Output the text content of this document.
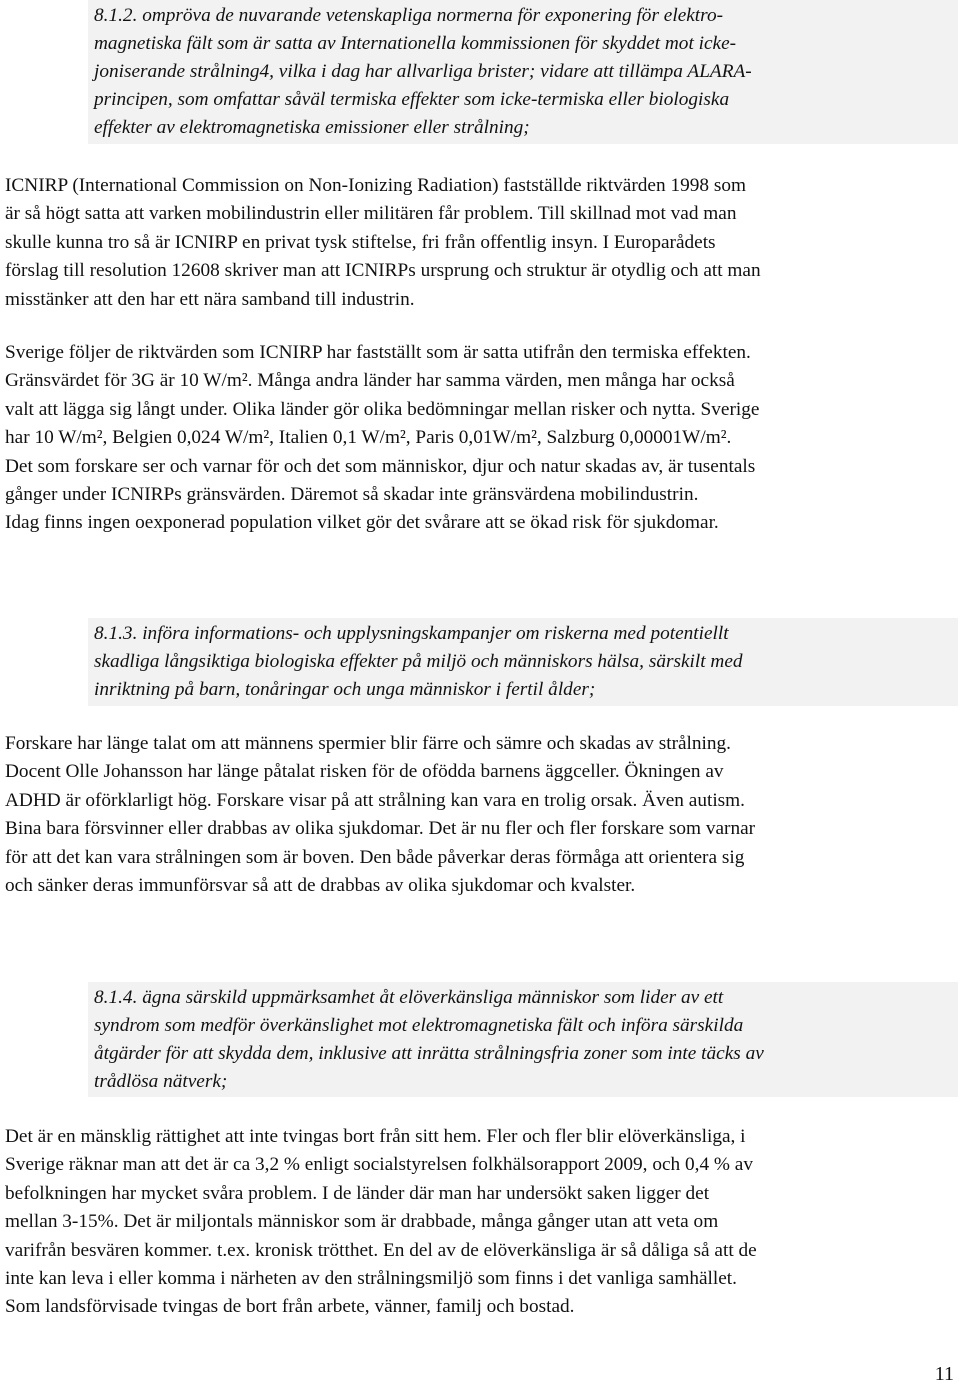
8.1.2. ompröva de nuvarande vetenskapliga normerna för exponering för elektro-
magnetiska fält som är satta av Internationella kommissionen för skyddet mot icke-
joniserande strålning4, vilka i dag har allvarliga brister; vidare att tillämpa ALARA-
principen, som omfattar såväl termiska effekter som icke-termiska eller biologiska
effekter av elektromagnetiska emissioner eller strålning;
ICNIRP (International Commission on Non-Ionizing Radiation) fastställde riktvärden 1998 som
är så högt satta att varken mobilindustrin eller militären får problem. Till skillnad mot vad man
skulle kunna tro så är ICNIRP en privat tysk stiftelse, fri från offentlig insyn. I Europarådets
förslag till resolution 12608 skriver man att ICNIRPs ursprung och struktur är otydlig och att man
misstänker att den har ett nära samband till industrin.
Sverige följer de riktvärden som ICNIRP har fastställt som är satta utifrån den termiska effekten.
Gränsvärdet för 3G är 10 W/m². Många andra länder har samma värden, men många har också
valt att lägga sig långt under. Olika länder gör olika bedömningar mellan risker och nytta. Sverige
har 10 W/m², Belgien 0,024 W/m², Italien 0,1 W/m², Paris 0,01W/m², Salzburg 0,00001W/m².
Det som forskare ser och varnar för och det som människor, djur och natur skadas av, är tusentals
gånger under ICNIRPs gränsvärden. Däremot så skadar inte gränsvärdena mobilindustrin.
Idag finns ingen oexponerad population vilket gör det svårare att se ökad risk för sjukdomar.
8.1.3. införa informations- och upplysningskampanjer om riskerna med potentiellt
skadliga långsiktiga biologiska effekter på miljö och människors hälsa, särskilt med
inriktning på barn, tonåringar och unga människor i fertil ålder;
Forskare har länge talat om att männens spermier blir färre och sämre och skadas av strålning.
Docent Olle Johansson har länge påtalat risken för de ofödda barnens äggceller. Ökningen av
ADHD är oförklarligt hög. Forskare visar på att strålning kan vara en trolig orsak. Även autism.
Bina bara försvinner eller drabbas av olika sjukdomar. Det är nu fler och fler forskare som varnar
för att det kan vara strålningen som är boven. Den både påverkar deras förmåga att orientera sig
och sänker deras immunförsvar så att de drabbas av olika sjukdomar och kvalster.
8.1.4. ägna särskild uppmärksamhet åt elöverkänsliga människor som lider av ett
syndrom som medför överkänslighet mot elektromagnetiska fält och införa särskilda
åtgärder för att skydda dem, inklusive att inrätta strålningsfria zoner som inte täcks av
trådlösa nätverk;
Det är en mänsklig rättighet att inte tvingas bort från sitt hem. Fler och fler blir elöverkänsliga, i
Sverige räknar man att det är ca 3,2 % enligt socialstyrelsen folkhälsorapport 2009, och 0,4 % av
befolkningen har mycket svåra problem. I de länder där man har undersökt saken ligger det
mellan 3-15%. Det är miljontals människor som är drabbade, många gånger utan att veta om
varifrån besvären kommer. t.ex. kronisk trötthet. En del av de elöverkänsliga är så dåliga så att de
inte kan leva i eller komma i närheten av den strålningsmiljö som finns i det vanliga samhället.
Som landsförvisade tvingas de bort från arbete, vänner, familj och bostad.
11
